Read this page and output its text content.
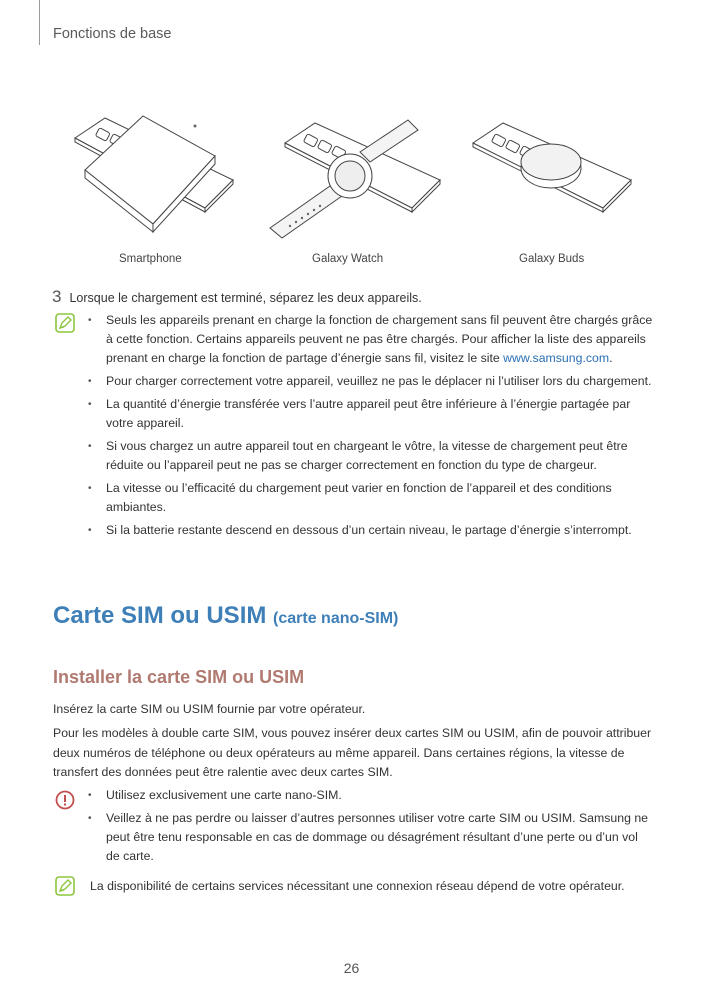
Fonctions de base
Smartphone	Galaxy Watch	Galaxy Buds
3 Lorsque le chargement est terminé, séparez les deux appareils.
• Seuls les appareils prenant en charge la fonction de chargement sans fil peuvent être chargés grâce à cette fonction. Certains appareils peuvent ne pas être chargés. Pour afficher la liste des appareils prenant en charge la fonction de partage d’énergie sans fil, visitez le site www.samsung.com.
• Pour charger correctement votre appareil, veuillez ne pas le déplacer ni l’utiliser lors du chargement.
• La quantité d’énergie transférée vers l’autre appareil peut être inférieure à l’énergie partagée par votre appareil.
• Si vous chargez un autre appareil tout en chargeant le vôtre, la vitesse de chargement peut être réduite ou l’appareil peut ne pas se charger correctement en fonction du type de chargeur.
• La vitesse ou l’efficacité du chargement peut varier en fonction de l’appareil et des conditions ambiantes.
• Si la batterie restante descend en dessous d’un certain niveau, le partage d’énergie s’interrompt.
Carte SIM ou USIM (carte nano-SIM)
Installer la carte SIM ou USIM

Insérez la carte SIM ou USIM fournie par votre opérateur.

Pour les modèles à double carte SIM, vous pouvez insérer deux cartes SIM ou USIM, afin de pouvoir attribuer deux numéros de téléphone ou deux opérateurs au même appareil. Dans certaines régions, la vitesse de transfert des données peut être ralentie avec deux cartes SIM.

• Utilisez exclusivement une carte nano-SIM.
• Veillez à ne pas perdre ou laisser d’autres personnes utiliser votre carte SIM ou USIM. Samsung ne peut être tenu responsable en cas de dommage ou désagrément résultant d’une perte ou d’un vol de carte.
La disponibilité de certains services nécessitant une connexion réseau dépend de votre opérateur.
26
